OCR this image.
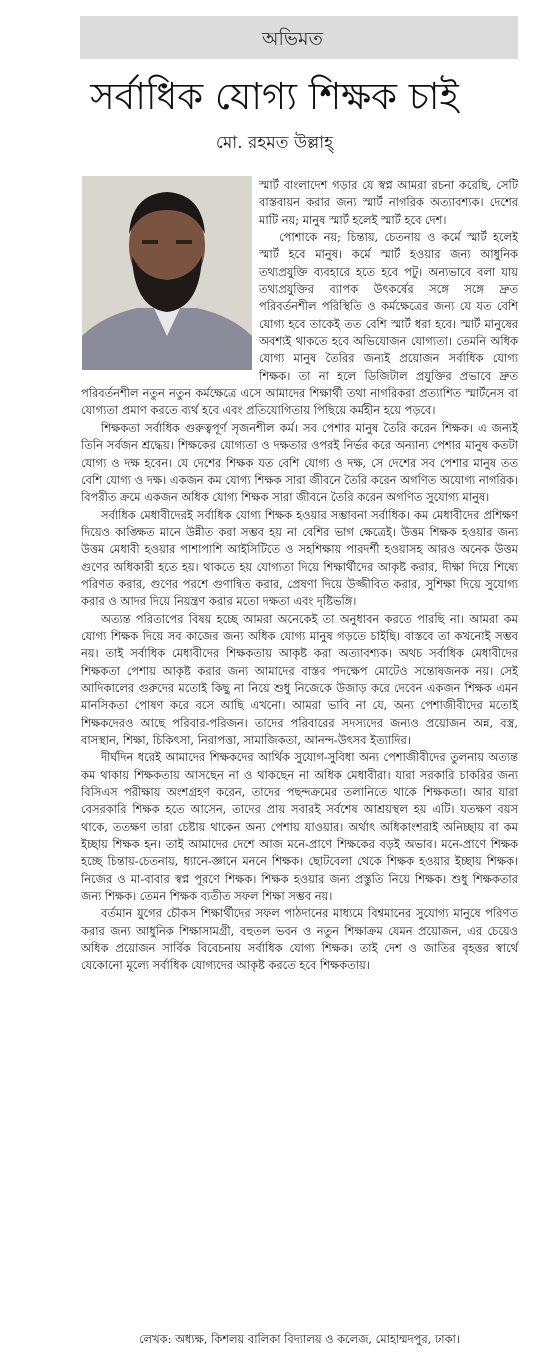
অভিমত
সর্বাধিক যোগ্য শিক্ষক চাই
মো. রহমত উল্লাহ্

স্মার্ট বাংলাদেশ গড়ার যে স্বপ্ন আমরা রচনা করেছি, সেটি বাস্তবায়ন করার জন্য স্মার্ট নাগরিক অত্যাবশ্যক। দেশের মাটি নয়; মানুষ স্মার্ট হলেই স্মার্ট হবে দেশ।

পোশাকে নয়; চিন্তায়, চেতনায় ও কর্মে স্মার্ট হলেই স্মার্ট হবে মানুষ। কর্মে স্মার্ট হওয়ার জন্য আধুনিক তথ্যপ্রযুক্তি ব্যবহারে হতে হবে পটু। অন্যভাবে বলা যায় তথ্যপ্রযুক্তির ব্যাপক উৎকর্ষের সঙ্গে সঙ্গে দ্রুত পরিবর্তনশীল পরিস্থিতি ও কর্মক্ষেত্রের জন্য যে যত বেশি যোগ্য হবে তাকেই তত বেশি স্মার্ট ধরা হবে। স্মার্ট মানুষের অবশ্যই থাকতে হবে অভিযোজন যোগ্যতা। তেমনি অধিক যোগ্য মানুষ তৈরির জন্যই প্রয়োজন সর্বাধিক যোগ্য শিক্ষক। তা না হলে ডিজিটাল প্রযুক্তির প্রভাবে দ্রুত পরিবর্তনশীল নতুন নতুন কর্মক্ষেত্রে এসে আমাদের শিক্ষার্থী তথা নাগরিকরা প্রত্যাশিত স্মার্টনেস বা যোগ্যতা প্রমাণ করতে ব্যর্থ হবে এবং প্রতিযোগিতায় পিছিয়ে কর্মহীন হয়ে পড়বে।

শিক্ষকতা সর্বাধিক গুরুত্বপূর্ণ সৃজনশীল কর্ম। সব পেশার মানুষ তৈরি করেন শিক্ষক। এ জন্যই তিনি সর্বজন শ্রদ্ধেয়। শিক্ষকের যোগ্যতা ও দক্ষতার ওপরই নির্ভর করে অন্যান্য পেশার মানুষ কতটা যোগ্য ও দক্ষ হবেন। যে দেশের শিক্ষক যত বেশি যোগ্য ও দক্ষ, সে দেশের সব পেশার মানুষ তত বেশি যোগ্য ও দক্ষ। একজন কম যোগ্য শিক্ষক সারা জীবনে তৈরি করেন অগণিত অযোগ্য নাগরিক। বিপরীত ক্রমে একজন অধিক যোগ্য শিক্ষক সারা জীবনে তৈরি করেন অগণিত সুযোগ্য মানুষ।

সর্বাধিক মেধাবীদেরই সর্বাধিক যোগ্য শিক্ষক হওয়ার সম্ভাবনা সর্বাধিক। কম মেধাবীদের প্রশিক্ষণ দিয়েও কাঙ্ক্ষিত মানে উন্নীত করা সম্ভব হয় না বেশির ভাগ ক্ষেত্রেই। উত্তম শিক্ষক হওয়ার জন্য উত্তম মেধাবী হওয়ার পাশাপাশি আইসিটিতে ও সহশিক্ষায় পারদর্শী হওয়াসহ আরও অনেক উত্তম গুণের অধিকারী হতে হয়। থাকতে হয় যোগ্যতা দিয়ে শিক্ষার্থীদের আকৃষ্ট করার, দীক্ষা দিয়ে শিষ্যে পরিণত করার, গুণের পরশে গুণান্বিত করার, প্রেষণা দিয়ে উজ্জীবিত করার, সুশিক্ষা দিয়ে সুযোগ্য করার ও আদর দিয়ে নিয়ন্ত্রণ করার মতো দক্ষতা এবং দৃষ্টিভঙ্গি।

অত্যন্ত পরিতাপের বিষয় হচ্ছে আমরা অনেকেই তা অনুধাবন করতে পারছি না। আমরা কম যোগ্য শিক্ষক দিয়ে সব কাজের জন্য অধিক যোগ্য মানুষ গড়তে চাইছি। বাস্তবে তা কখনোই সম্ভব নয়। তাই সর্বাধিক মেধাবীদের শিক্ষকতায় আকৃষ্ট করা অত্যাবশ্যক। অথচ সর্বাধিক মেধাবীদের শিক্ষকতা পেশায় আকৃষ্ট করার জন্য আমাদের বাস্তব পদক্ষেপ মোটেও সন্তোষজনক নয়। সেই আদিকালের গুরুদের মতোই কিছু না নিয়ে শুধু নিজেকে উজাড় করে দেবেন একজন শিক্ষক এমন মানসিকতা পোষণ করে বসে আছি এখনো। আমরা ভাবি না যে, অন্য পেশাজীবীদের মতোই শিক্ষকদেরও আছে পরিবার-পরিজন। তাদের পরিবারের সদস্যদের জন্যও প্রয়োজন অন্ন, বস্ত্র, বাসস্থান, শিক্ষা, চিকিৎসা, নিরাপত্তা, সামাজিকতা, আনন্দ-উৎসব ইত্যাদির।

দীর্ঘদিন ধরেই আমাদের শিক্ষকদের আর্থিক সুযোগ-সুবিধা অন্য পেশাজীবীদের তুলনায় অত্যন্ত কম থাকায় শিক্ষকতায় আসছেন না ও থাকছেন না অধিক মেধাবীরা। যারা সরকারি চাকরির জন্য বিসিএস পরীক্ষায় অংশগ্রহণ করেন, তাদের পছন্দক্রমের তলানিতে থাকে শিক্ষকতা। আর যারা বেসরকারি শিক্ষক হতে আসেন, তাদের প্রায় সবারই সর্বশেষ আশ্রয়স্থল হয় এটি। যতক্ষণ বয়স থাকে, ততক্ষণ তারা চেষ্টায় থাকেন অন্য পেশায় যাওয়ার। অর্থাৎ অধিকাংশরাই অনিচ্ছায় বা কম ইচ্ছায় শিক্ষক হন। তাই আমাদের দেশে আজ মনে-প্রাণে শিক্ষকের বড়ই অভাব। মনে-প্রাণে শিক্ষক হচ্ছে চিন্তায়-চেতনায়, ধ্যানে-জ্ঞানে মননে শিক্ষক। ছোটবেলা থেকে শিক্ষক হওয়ার ইচ্ছায় শিক্ষক। নিজের ও মা-বাবার স্বপ্ন পূরণে শিক্ষক। শিক্ষক হওয়ার জন্য প্রস্তুতি নিয়ে শিক্ষক। শুধু শিক্ষকতার জন্য শিক্ষক। তেমন শিক্ষক ব্যতীত সফল শিক্ষা সম্ভব নয়।

বর্তমান যুগের চৌকস শিক্ষার্থীদের সফল পাঠদানের মাধ্যমে বিশ্বমানের সুযোগ্য মানুষে পরিণত করার জন্য আধুনিক শিক্ষাসামগ্রী, বহুতল ভবন ও নতুন শিক্ষাক্রম যেমন প্রয়োজন, এর চেয়েও অধিক প্রয়োজন সার্বিক বিবেচনায় সর্বাধিক যোগ্য শিক্ষক। তাই দেশ ও জাতির বৃহত্তর স্বার্থে যেকোনো মূল্যে সর্বাধিক যোগ্যদের আকৃষ্ট করতে হবে শিক্ষকতায়।

লেখক: অধ্যক্ষ, কিশলয় বালিকা বিদ্যালয় ও কলেজ, মোহাম্মদপুর, ঢাকা।
